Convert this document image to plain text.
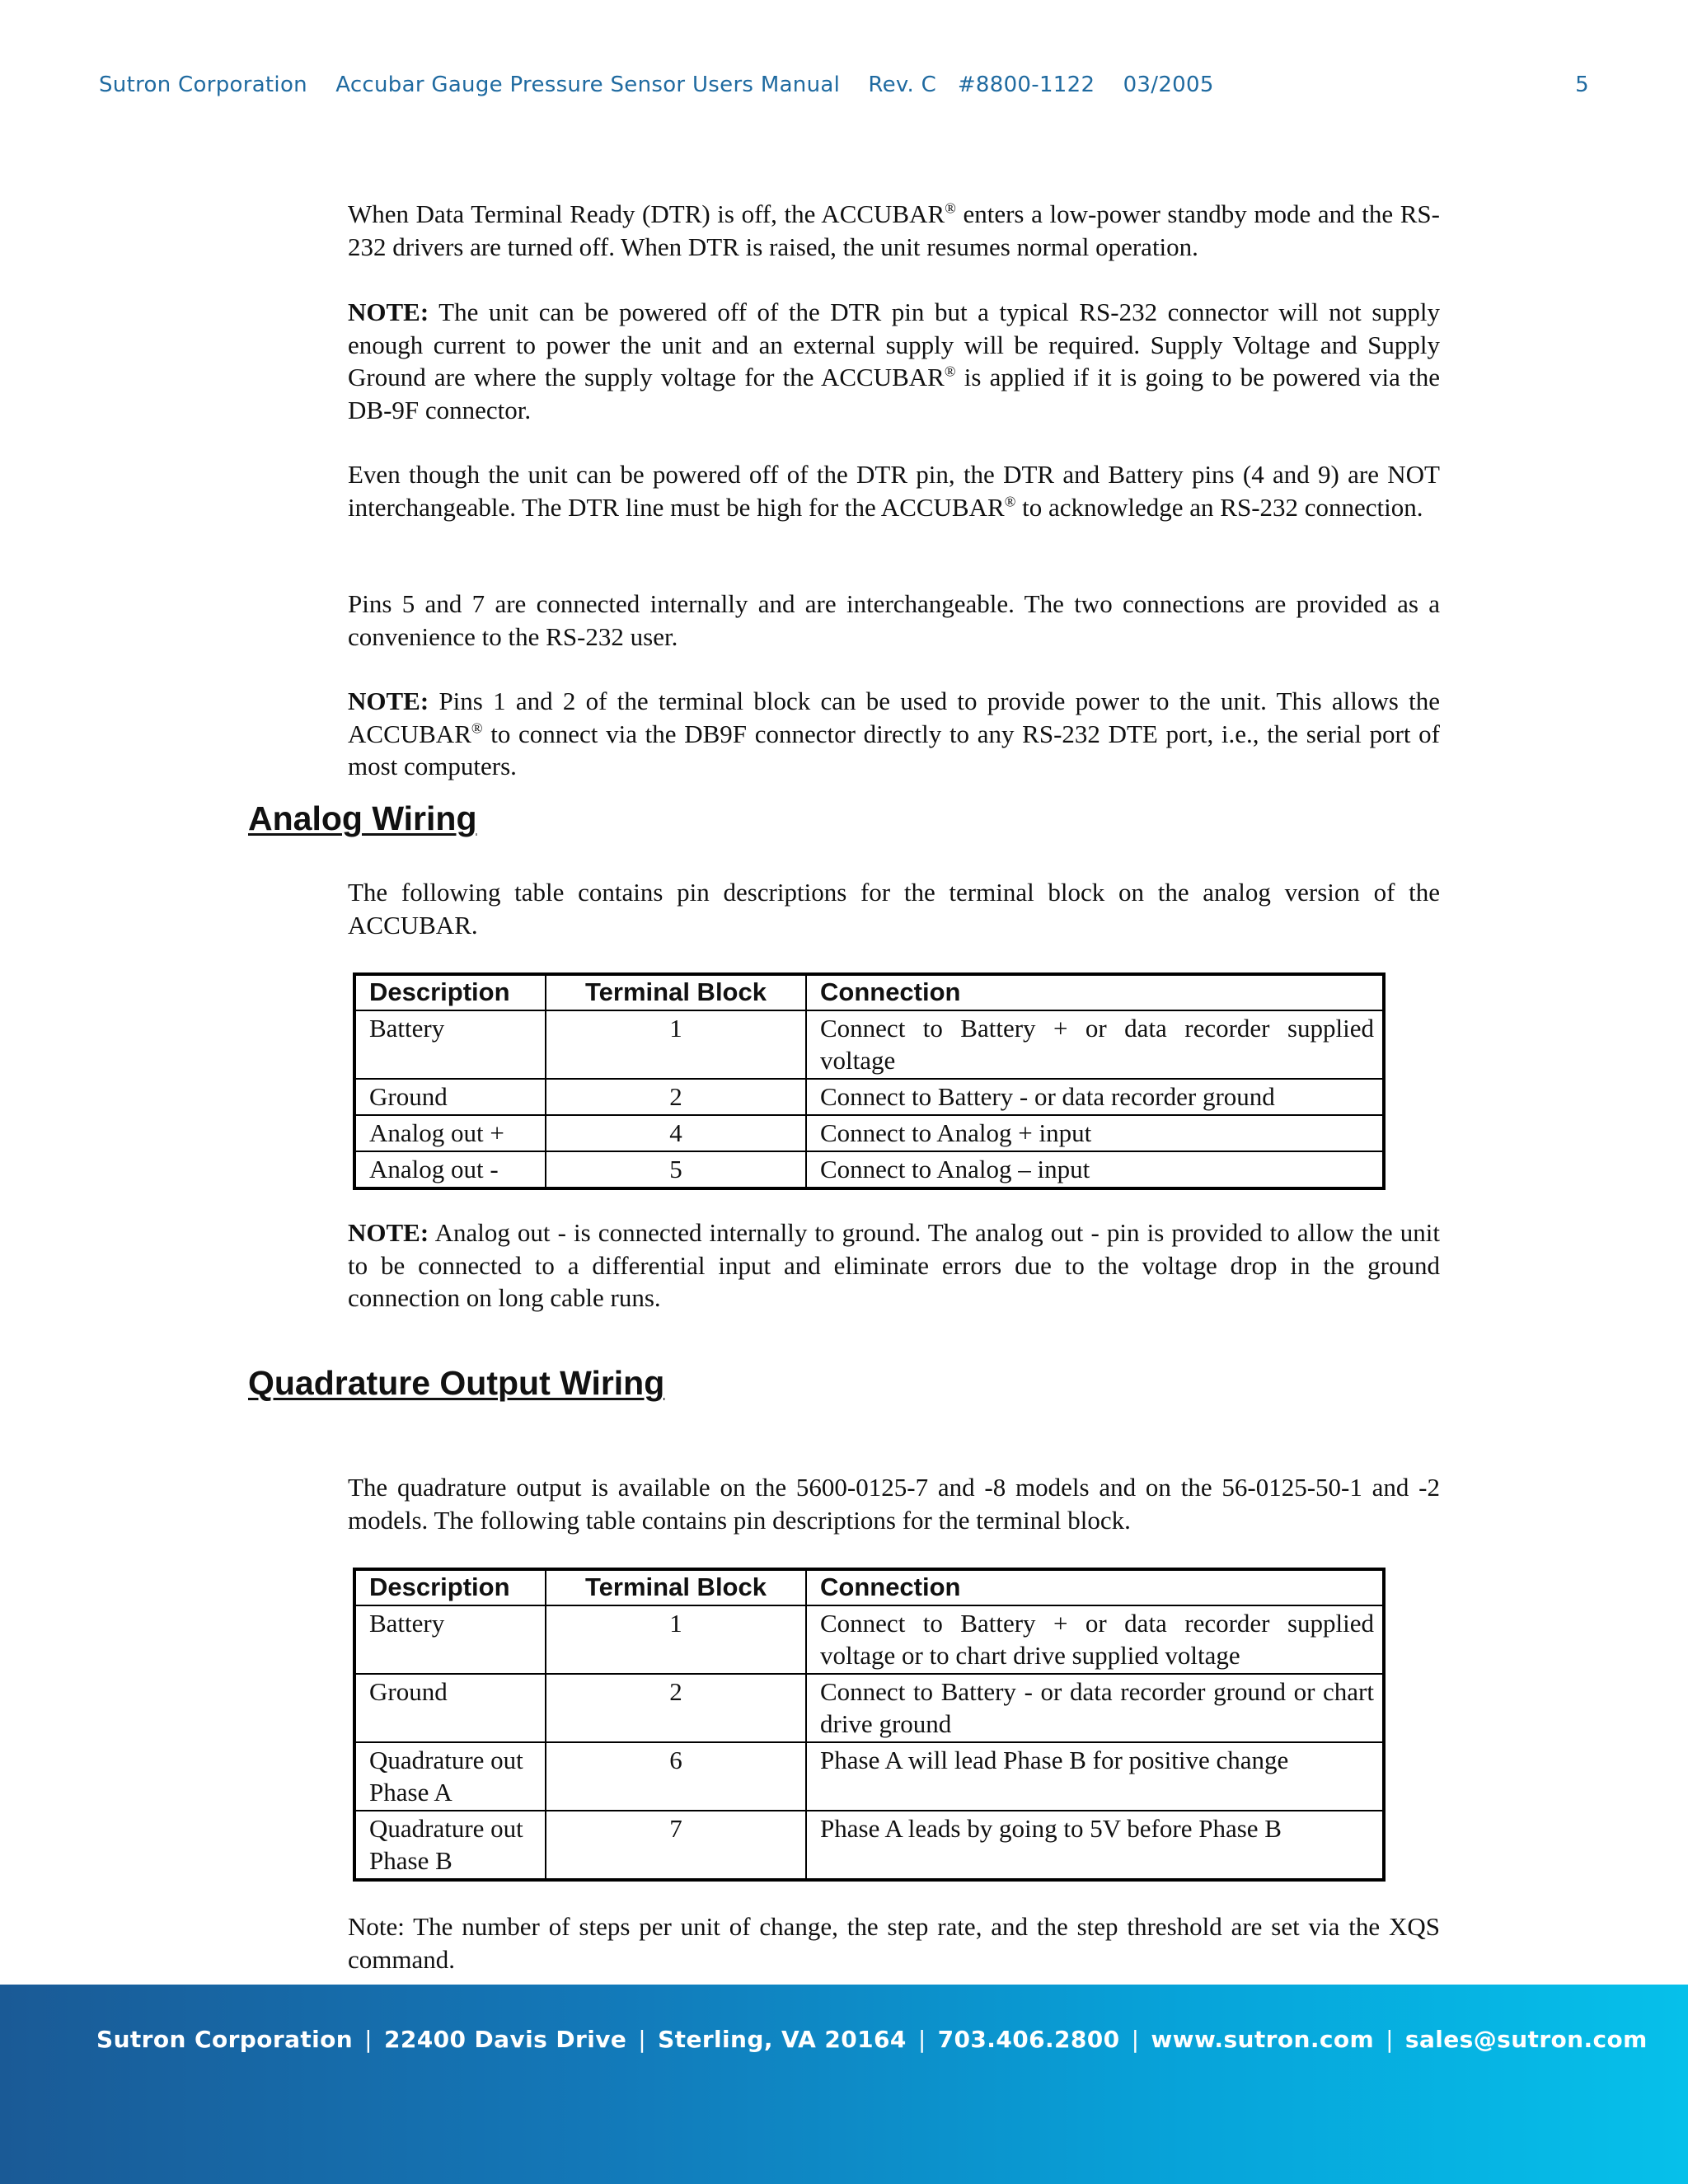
Sutron Corporation    Accubar Gauge Pressure Sensor Users Manual    Rev. C   #8800-1122    03/2005	5
When Data Terminal Ready (DTR) is off, the ACCUBAR® enters a low-power standby mode and the RS-232 drivers are turned off. When DTR is raised, the unit resumes normal operation.
NOTE: The unit can be powered off of the DTR pin but a typical RS-232 connector will not supply enough current to power the unit and an external supply will be required. Supply Voltage and Supply Ground are where the supply voltage for the ACCUBAR® is applied if it is going to be powered via the DB-9F connector.
Even though the unit can be powered off of the DTR pin, the DTR and Battery pins (4 and 9) are NOT interchangeable. The DTR line must be high for the ACCUBAR® to acknowledge an RS-232 connection.
Pins 5 and 7 are connected internally and are interchangeable. The two connections are provided as a convenience to the RS-232 user.
NOTE: Pins 1 and 2 of the terminal block can be used to provide power to the unit. This allows the ACCUBAR® to connect via the DB9F connector directly to any RS-232 DTE port, i.e., the serial port of most computers.
Analog Wiring
The following table contains pin descriptions for the terminal block on the analog version of the ACCUBAR.
Description	Terminal Block	Connection
Battery	1	Connect to Battery + or data recorder supplied voltage
Ground	2	Connect to Battery - or data recorder ground
Analog out +	4	Connect to Analog + input
Analog out -	5	Connect to Analog – input
NOTE: Analog out - is connected internally to ground. The analog out - pin is provided to allow the unit to be connected to a differential input and eliminate errors due to the voltage drop in the ground connection on long cable runs.
Quadrature Output Wiring
The quadrature output is available on the 5600-0125-7 and -8 models and on the 56-0125-50-1 and -2 models. The following table contains pin descriptions for the terminal block.
Description	Terminal Block	Connection
Battery	1	Connect to Battery + or data recorder supplied voltage or to chart drive supplied voltage
Ground	2	Connect to Battery - or data recorder ground or chart drive ground
Quadrature out Phase A	6	Phase A will lead Phase B for positive change
Quadrature out Phase B	7	Phase A leads by going to 5V before Phase B
Note: The number of steps per unit of change, the step rate, and the step threshold are set via the XQS command.
Sutron Corporation | 22400 Davis Drive | Sterling, VA 20164 | 703.406.2800 | www.sutron.com | sales@sutron.com
